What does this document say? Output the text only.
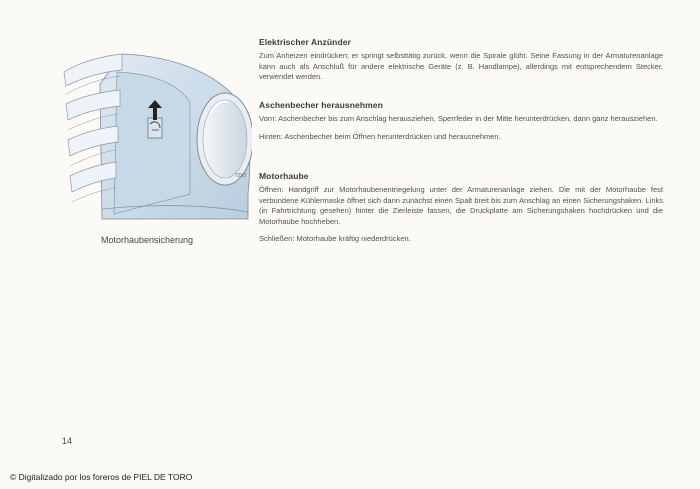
7293
Motorhaubensicherung
Elektrischer Anzünder

Zum Anheizen eindrücken; er springt selbsttätig zurück, wenn die Spirale glüht. Seine Fassung in der Armaturenanlage kann auch als Anschluß für andere elektrische Geräte (z. B. Handlampe), allerdings mit entsprechendem Stecker, verwendet werden.

Aschenbecher herausnehmen

Vorn: Aschenbecher bis zum Anschlag herausziehen, Sperrfeder in der Mitte herunterdrücken, dann ganz herausziehen.

Hinten: Aschenbecher beim Öffnen herunterdrücken und herausnehmen.

Motorhaube

Öffnen: Handgriff zur Motorhaubenentriegelung unter der Armaturenanlage ziehen. Die mit der Motorhaube fest verbundene Kühlermaske öffnet sich dann zunächst einen Spalt breit bis zum Anschlag an einen Sicherungshaken. Links (in Fahrtrichtung gesehen) hinter die Zierleiste fassen, die Druckplatte am Sicherungshaken hochdrücken und die Motorhaube hochheben.

Schließen: Motorhaube kräftig niederdrücken.

14
© Digitalizado por los foreros de PIEL DE TORO
